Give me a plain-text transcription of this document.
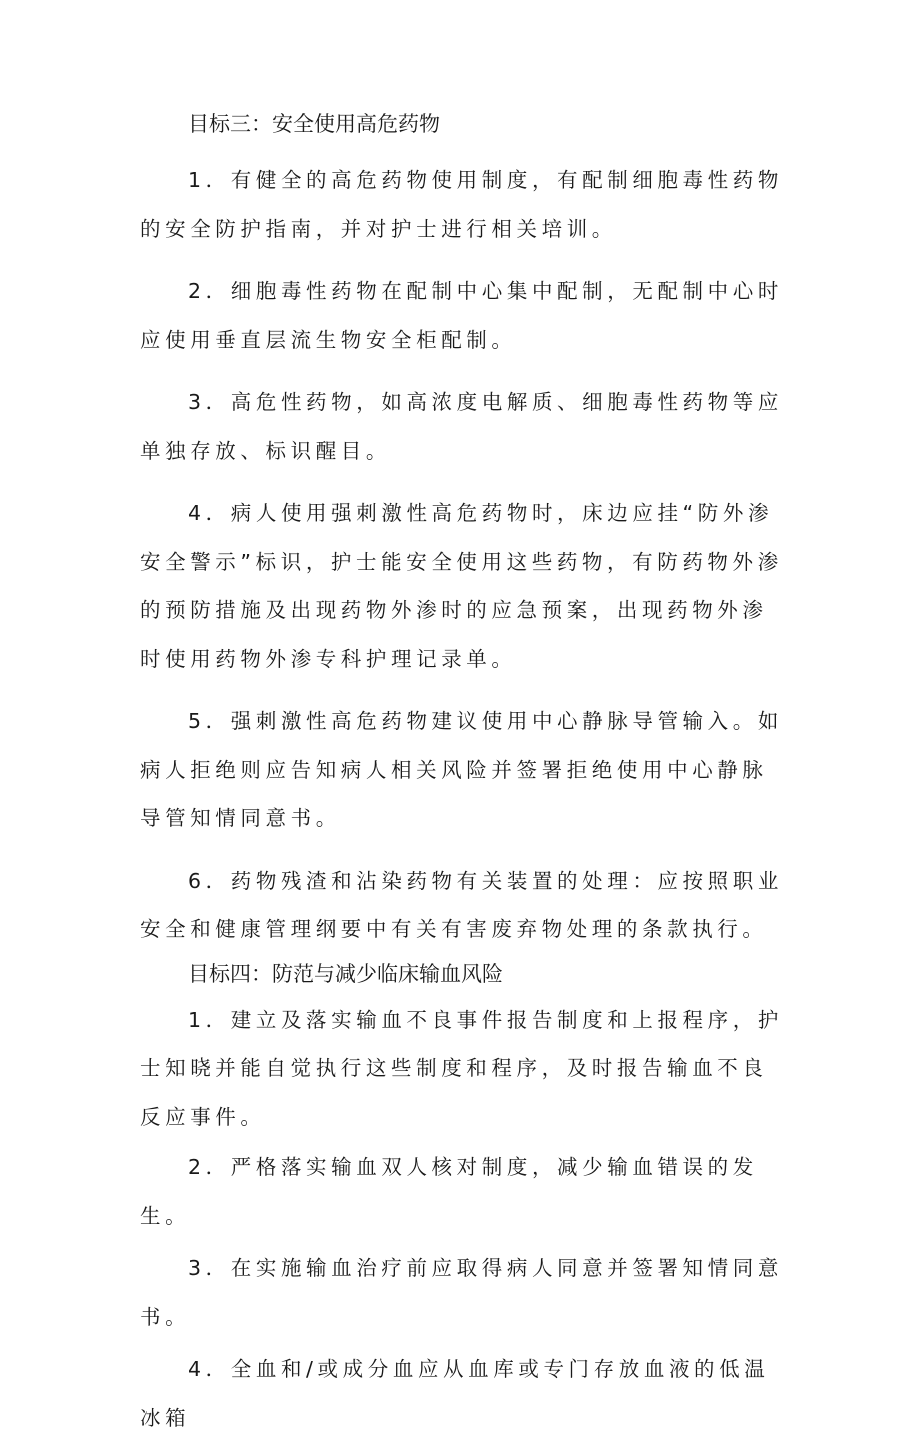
目标三：安全使用高危药物

1．有健全的高危药物使用制度，有配制细胞毒性药物的安全防护指南，并对护士进行相关培训。

2．细胞毒性药物在配制中心集中配制，无配制中心时应使用垂直层流生物安全柜配制。

3．高危性药物，如高浓度电解质、细胞毒性药物等应单独存放、标识醒目。

4．病人使用强刺激性高危药物时，床边应挂“防外渗安全警示”标识，护士能安全使用这些药物，有防药物外渗的预防措施及出现药物外渗时的应急预案，出现药物外渗时使用药物外渗专科护理记录单。

5．强刺激性高危药物建议使用中心静脉导管输入。如病人拒绝则应告知病人相关风险并签署拒绝使用中心静脉导管知情同意书。

6．药物残渣和沾染药物有关装置的处理：应按照职业安全和健康管理纲要中有关有害废弃物处理的条款执行。

目标四：防范与减少临床输血风险

1．建立及落实输血不良事件报告制度和上报程序，护士知晓并能自觉执行这些制度和程序，及时报告输血不良反应事件。

2．严格落实输血双人核对制度，减少输血错误的发生。

3．在实施输血治疗前应取得病人同意并签署知情同意书。

4．全血和/或成分血应从血库或专门存放血液的低温冰箱
